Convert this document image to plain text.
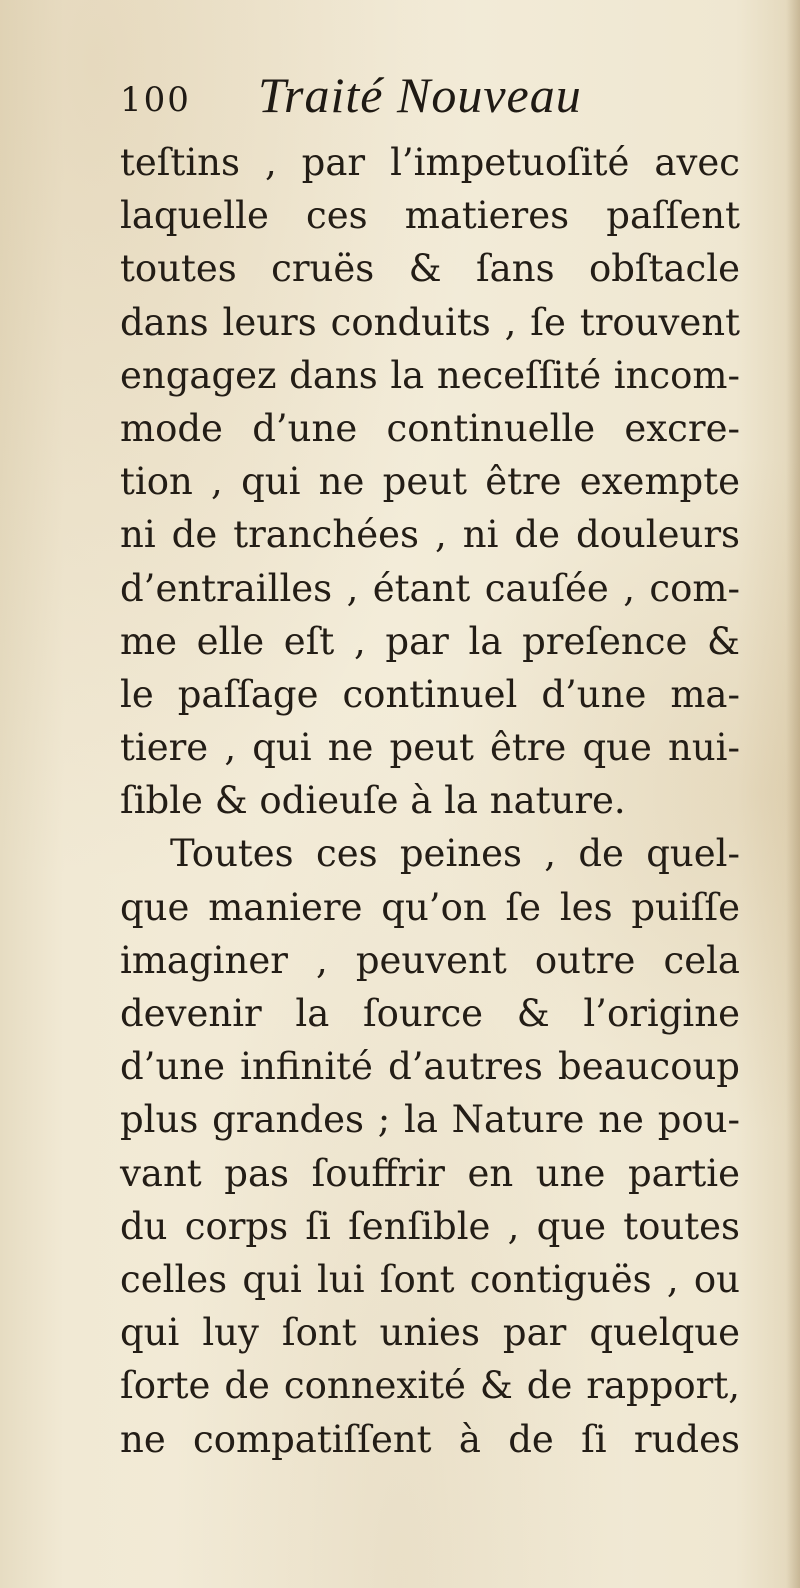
100 Traité Nouveau
teſtins , par l’impetuoſité avec
laquelle ces matieres paſſent
toutes cruës & ſans obſtacle
dans leurs conduits , ſe trouvent
engagez dans la neceſſité incom-
mode d’une continuelle excre-
tion , qui ne peut être exempte
ni de tranchées , ni de douleurs
d’entrailles , étant cauſée , com-
me elle eſt , par la preſence &
le paſſage continuel d’une ma-
tiere , qui ne peut être que nui-
ſible & odieuſe à la nature.
Toutes ces peines , de quel-
que maniere qu’on ſe les puiſſe
imaginer , peuvent outre cela
devenir la ſource & l’origine
d’une infinité d’autres beaucoup
plus grandes ; la Nature ne pou-
vant pas ſouffrir en une partie
du corps ſi ſenſible , que toutes
celles qui lui ſont contiguës , ou
qui luy ſont unies par quelque
ſorte de connexité & de rapport,
ne compatiſſent à de ſi rudes
